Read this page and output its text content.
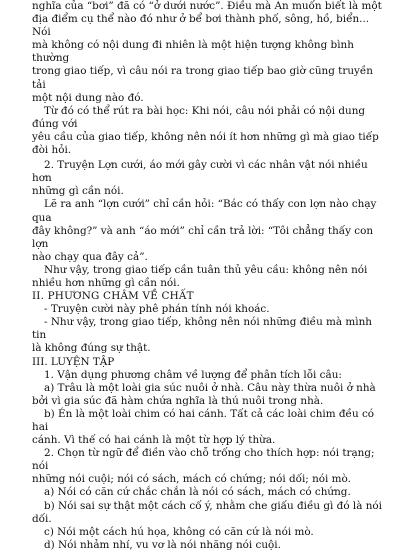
nghĩa của “bơi” đã có “ở dưới nước”. Điều mà An muốn biết là một

địa điểm cụ thể nào đó như ở bể bơi thành phố, sông, hồ, biển... Nói

mà không có nội dung đi nhiên là một hiện tượng không bình thường

trong giao tiếp, vì câu nói ra trong giao tiếp bao giờ cũng truyền tải

một nội dung nào đó.

Từ đó có thể rút ra bài học: Khi nói, câu nói phải có nội dung đúng với

yêu cầu của giao tiếp, không nên nói ít hơn những gì mà giao tiếp đòi hỏi.

2. Truyện Lợn cưới, áo mới gây cười vì các nhân vật nói nhiều hơn

những gì cần nói.

Lẽ ra anh “lợn cưới” chỉ cần hỏi: “Bác có thấy con lợn nào chạy qua

đây không?” và anh “áo mới” chỉ cần trả lời: “Tôi chẳng thấy con lợn

nào chạy qua đây cả”.

Như vậy, trong giao tiếp cần tuân thủ yêu cầu: không nên nói

nhiều hơn những gì cần nói.

II. PHƯƠNG CHÂM VỀ CHẤT

- Truyện cười này phê phán tính nói khoác.

- Như vậy, trong giao tiếp, không nên nói những điều mà mình tin

là không đúng sự thật.

III. LUYỆN TẬP

1. Vận dụng phương châm về lượng để phân tích lỗi câu:

a) Trâu là một loài gia súc nuôi ở nhà. Câu này thừa nuôi ở nhà

bởi vì gia súc đã hàm chứa nghĩa là thú nuôi trong nhà.

b) Én là một loài chim có hai cánh. Tất cả các loài chim đều có hai

cánh. Vì thế có hai cánh là một từ hợp lý thừa.

2. Chọn từ ngữ để điền vào chỗ trống cho thích hợp: nói trạng; nói

những nói cuội; nói có sách, mách có chứng; nói dối; nói mò.

a) Nói có căn cứ chắc chắn là nói có sách, mách có chứng.

b) Nói sai sự thật một cách cố ý, nhằm che giấu điều gì đó là nói dối.

c) Nói một cách hú họa, không có căn cứ là nói mò.

d) Nói nhảm nhí, vu vơ là nói nhăng nói cuội.
